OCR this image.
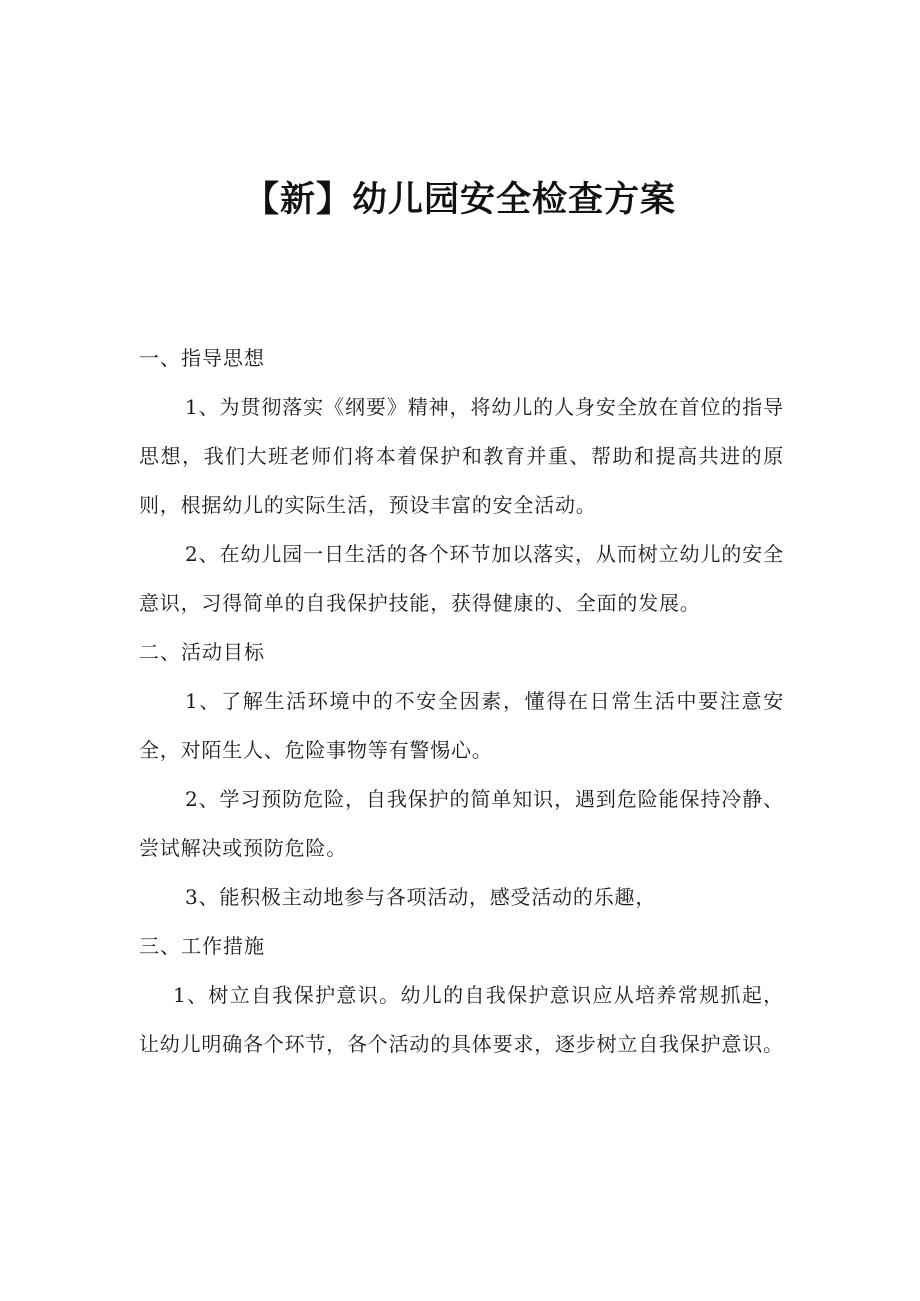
【新】幼儿园安全检查方案

一、指导思想

1、为贯彻落实《纲要》精神，将幼儿的人身安全放在首位的指导思想，我们大班老师们将本着保护和教育并重、帮助和提高共进的原则，根据幼儿的实际生活，预设丰富的安全活动。

2、在幼儿园一日生活的各个环节加以落实，从而树立幼儿的安全意识，习得简单的自我保护技能，获得健康的、全面的发展。

二、活动目标

1、了解生活环境中的不安全因素，懂得在日常生活中要注意安全，对陌生人、危险事物等有警惕心。

2、学习预防危险，自我保护的简单知识，遇到危险能保持冷静、尝试解决或预防危险。

3、能积极主动地参与各项活动，感受活动的乐趣，

三、工作措施

1、树立自我保护意识。幼儿的自我保护意识应从培养常规抓起，让幼儿明确各个环节，各个活动的具体要求，逐步树立自我保护意识。
